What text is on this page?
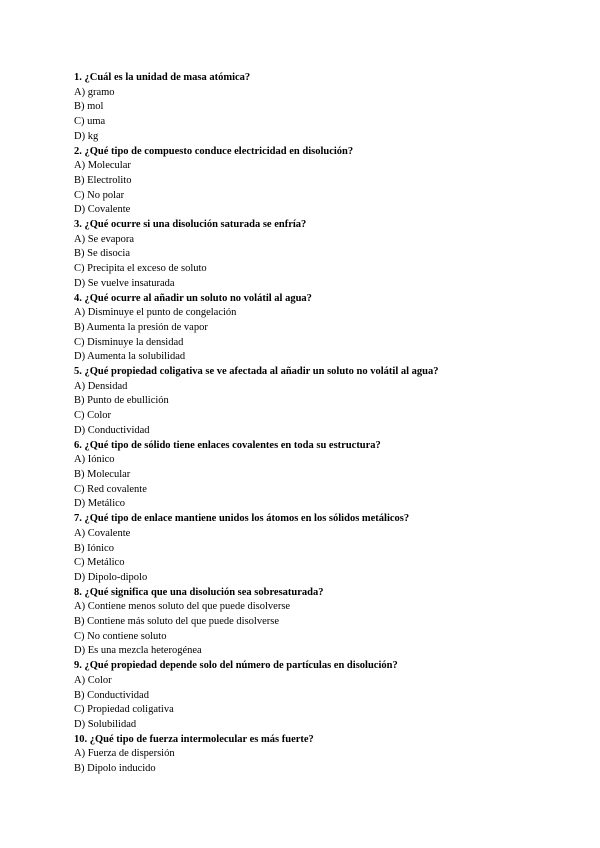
1. ¿Cuál es la unidad de masa atómica?
A) gramo
B) mol
C) uma
D) kg
2. ¿Qué tipo de compuesto conduce electricidad en disolución?
A) Molecular
B) Electrolito
C) No polar
D) Covalente
3. ¿Qué ocurre si una disolución saturada se enfría?
A) Se evapora
B) Se disocia
C) Precipita el exceso de soluto
D) Se vuelve insaturada
4. ¿Qué ocurre al añadir un soluto no volátil al agua?
A) Disminuye el punto de congelación
B) Aumenta la presión de vapor
C) Disminuye la densidad
D) Aumenta la solubilidad
5. ¿Qué propiedad coligativa se ve afectada al añadir un soluto no volátil al agua?
A) Densidad
B) Punto de ebullición
C) Color
D) Conductividad
6. ¿Qué tipo de sólido tiene enlaces covalentes en toda su estructura?
A) Iónico
B) Molecular
C) Red covalente
D) Metálico
7. ¿Qué tipo de enlace mantiene unidos los átomos en los sólidos metálicos?
A) Covalente
B) Iónico
C) Metálico
D) Dipolo-dipolo
8. ¿Qué significa que una disolución sea sobresaturada?
A) Contiene menos soluto del que puede disolverse
B) Contiene más soluto del que puede disolverse
C) No contiene soluto
D) Es una mezcla heterogénea
9. ¿Qué propiedad depende solo del número de partículas en disolución?
A) Color
B) Conductividad
C) Propiedad coligativa
D) Solubilidad
10. ¿Qué tipo de fuerza intermolecular es más fuerte?
A) Fuerza de dispersión
B) Dipolo inducido
